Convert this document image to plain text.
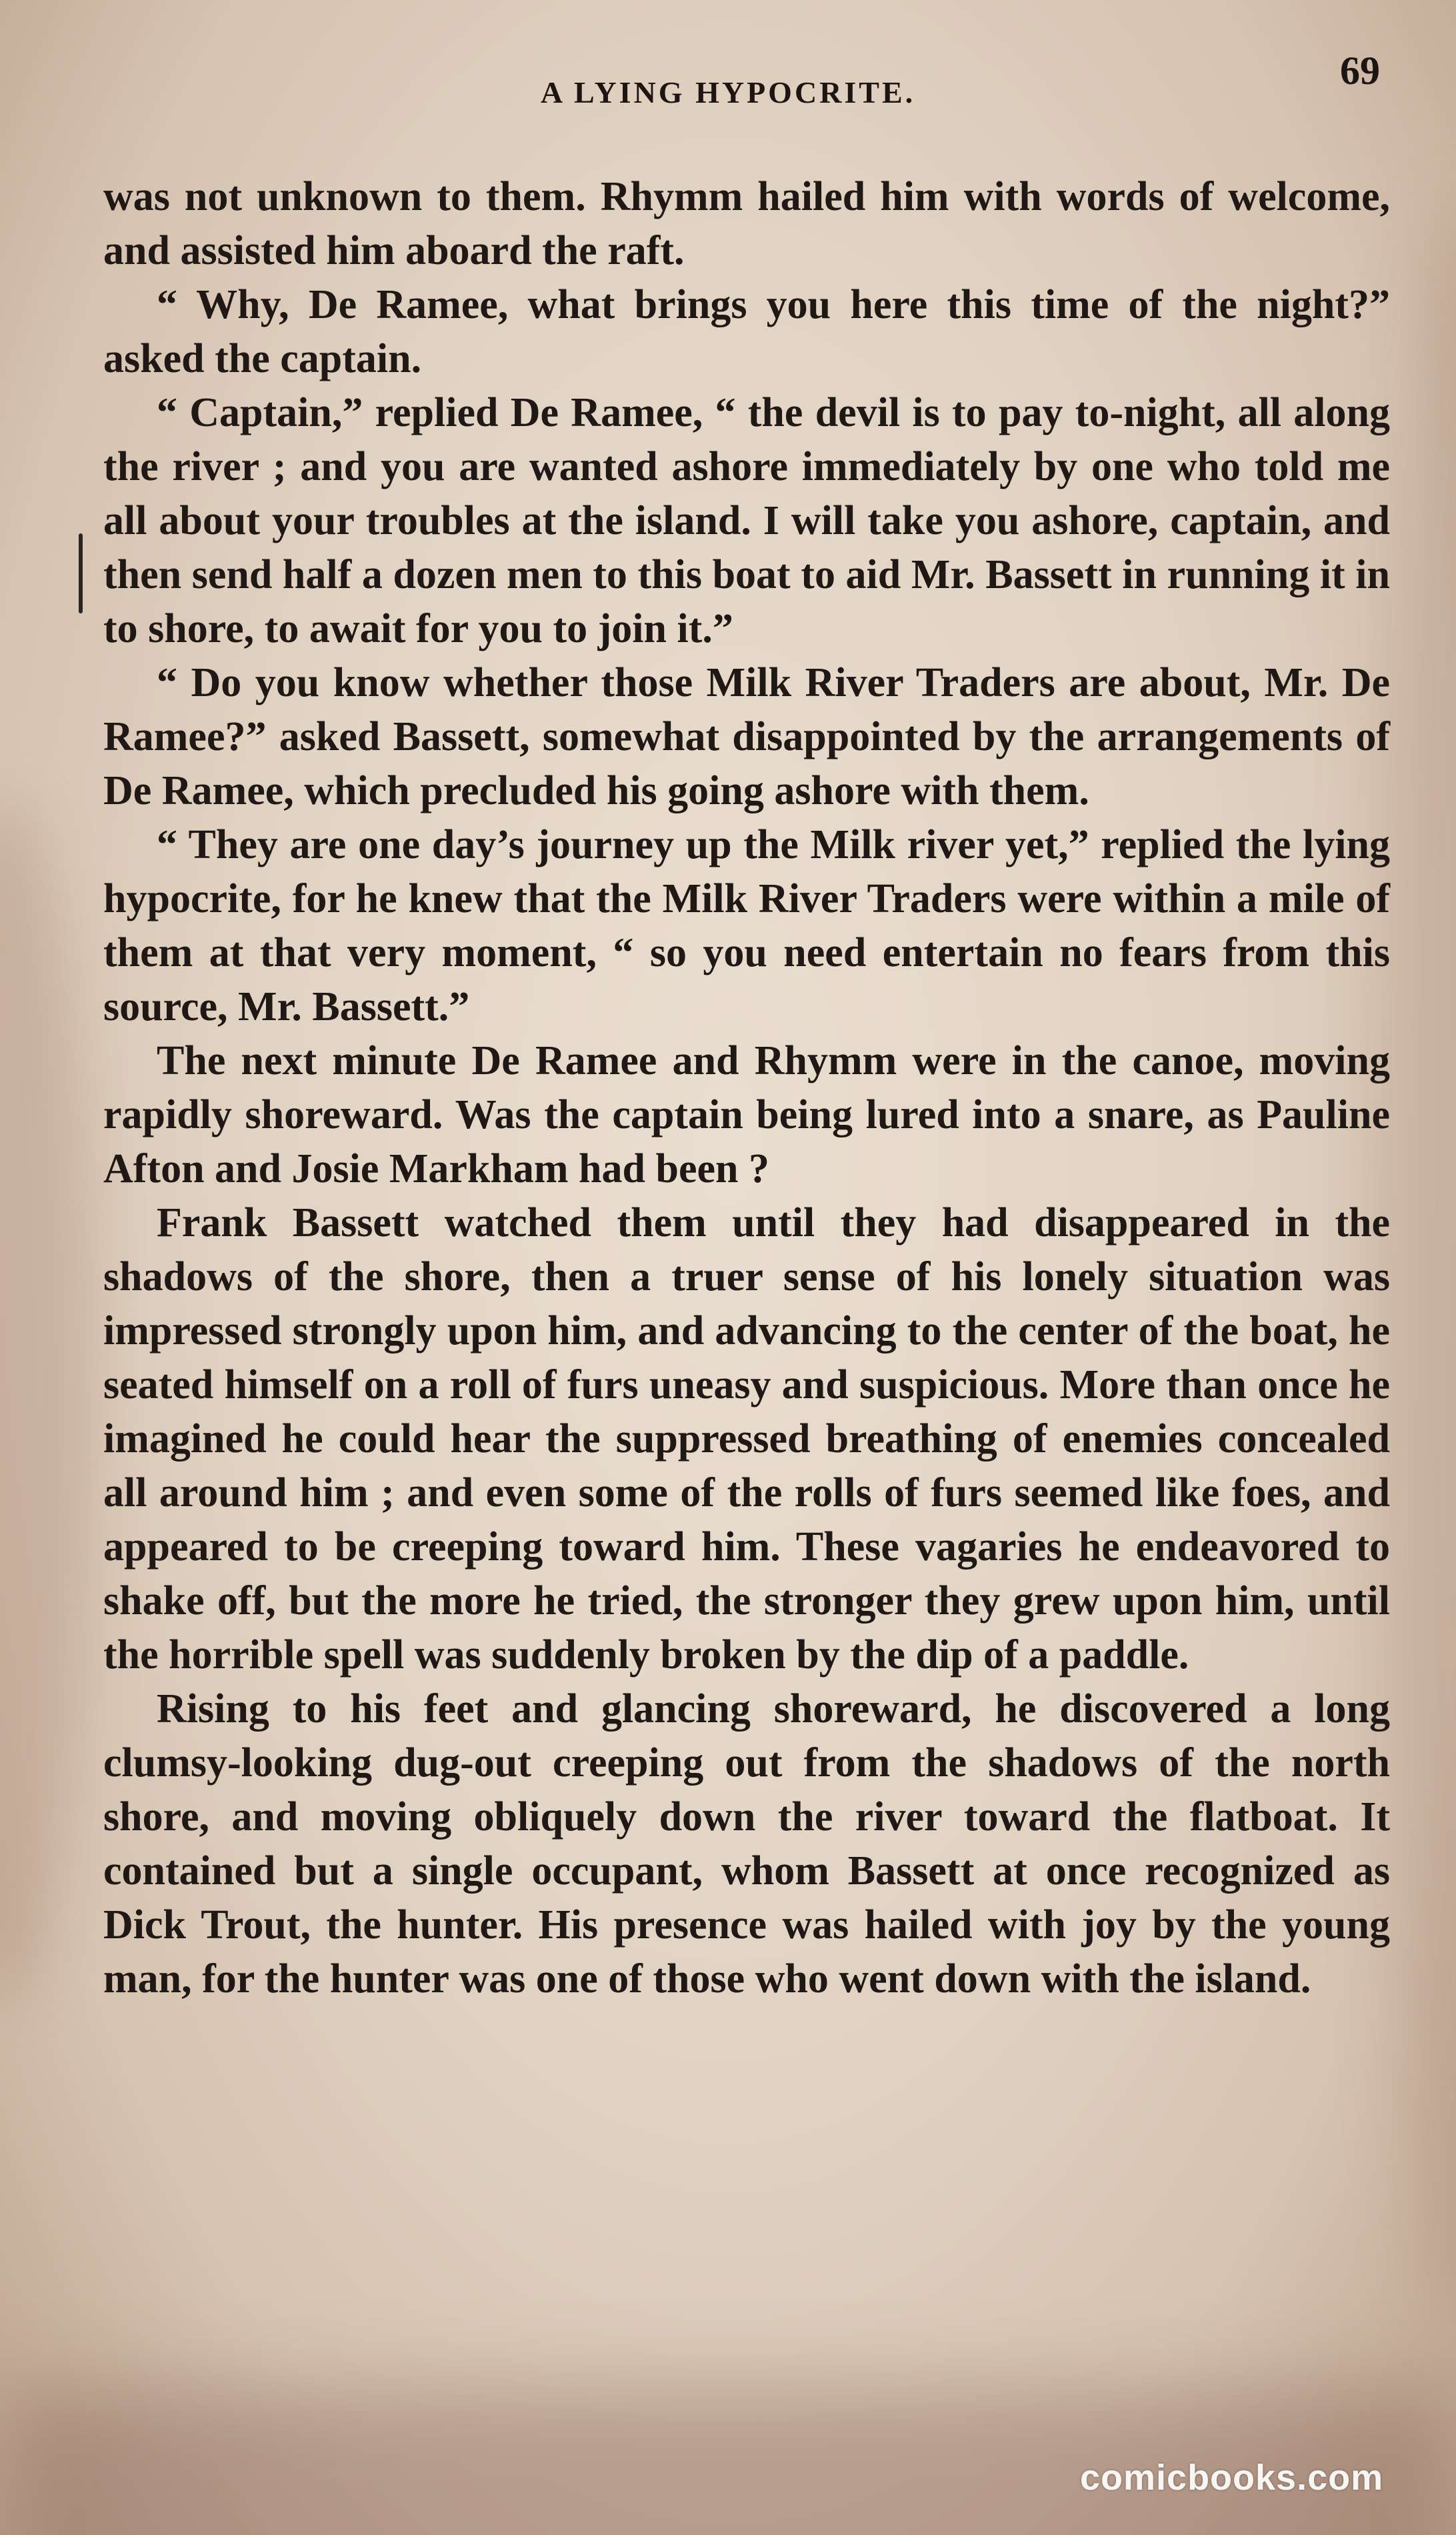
A LYING HYPOCRITE.	69

was not unknown to them. Rhymm hailed him with words of welcome, and assisted him aboard the raft.

“ Why, De Ramee, what brings you here this time of the night?” asked the captain.

“ Captain,” replied De Ramee, “ the devil is to pay to-night, all along the river ; and you are wanted ashore immediately by one who told me all about your troubles at the island. I will take you ashore, captain, and then send half a dozen men to this boat to aid Mr. Bassett in running it in to shore, to await for you to join it.”

“ Do you know whether those Milk River Traders are about, Mr. De Ramee?” asked Bassett, somewhat disappointed by the arrangements of De Ramee, which precluded his going ashore with them.

“ They are one day’s journey up the Milk river yet,” replied the lying hypocrite, for he knew that the Milk River Traders were within a mile of them at that very moment, “ so you need entertain no fears from this source, Mr. Bassett.”

The next minute De Ramee and Rhymm were in the canoe, moving rapidly shoreward. Was the captain being lured into a snare, as Pauline Afton and Josie Markham had been ?

Frank Bassett watched them until they had disappeared in the shadows of the shore, then a truer sense of his lonely situation was impressed strongly upon him, and advancing to the center of the boat, he seated himself on a roll of furs uneasy and suspicious. More than once he imagined he could hear the suppressed breathing of enemies concealed all around him ; and even some of the rolls of furs seemed like foes, and appeared to be creeping toward him. These vagaries he endeavored to shake off, but the more he tried, the stronger they grew upon him, until the horrible spell was suddenly broken by the dip of a paddle.

Rising to his feet and glancing shoreward, he discovered a long clumsy-looking dug-out creeping out from the shadows of the north shore, and moving obliquely down the river toward the flatboat. It contained but a single occupant, whom Bassett at once recognized as Dick Trout, the hunter. His presence was hailed with joy by the young man, for the hunter was one of those who went down with the island.

comicbooks.com
